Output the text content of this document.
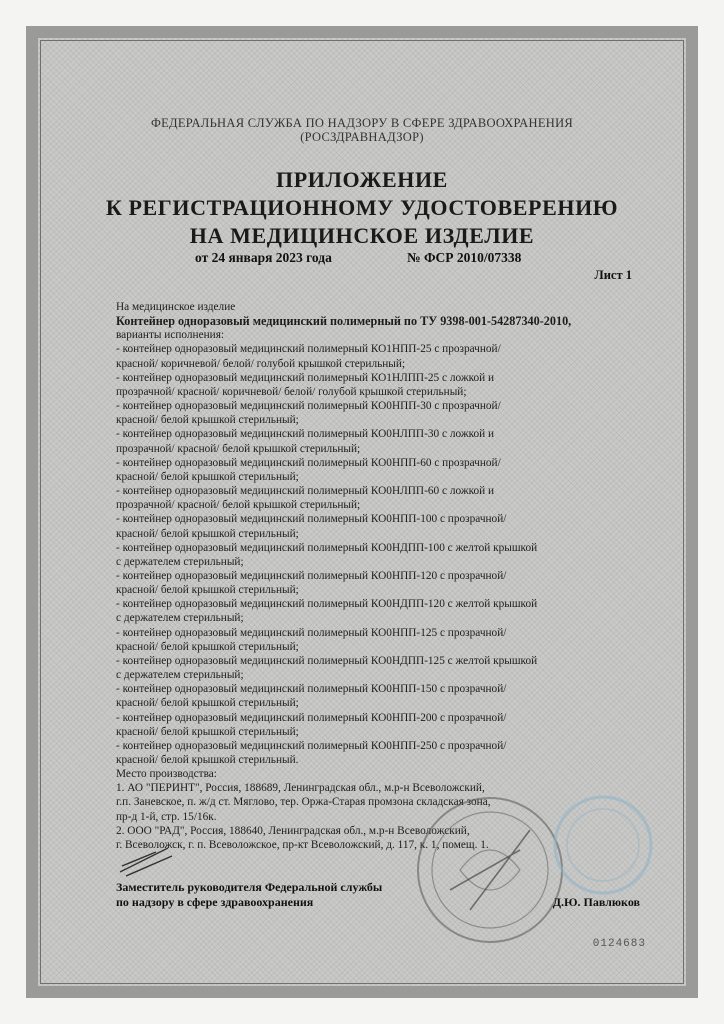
ФЕДЕРАЛЬНАЯ СЛУЖБА ПО НАДЗОРУ В СФЕРЕ ЗДРАВООХРАНЕНИЯ
(РОСЗДРАВНАДЗОР)
ПРИЛОЖЕНИЕ
К РЕГИСТРАЦИОННОМУ УДОСТОВЕРЕНИЮ
НА МЕДИЦИНСКОЕ ИЗДЕЛИЕ
от 24 января 2023 года	№ ФСР 2010/07338
Лист 1
На медицинское изделие
Контейнер одноразовый медицинский полимерный по ТУ 9398-001-54287340-2010,
варианты исполнения:
- контейнер одноразовый медицинский полимерный КО1НПП-25 с прозрачной/
красной/ коричневой/ белой/ голубой крышкой стерильный;
- контейнер одноразовый медицинский полимерный КО1НЛПП-25 с ложкой и
прозрачной/ красной/ коричневой/ белой/ голубой крышкой стерильный;
- контейнер одноразовый медицинский полимерный КО0НПП-30 с прозрачной/
красной/ белой крышкой стерильный;
- контейнер одноразовый медицинский полимерный КО0НЛПП-30 с ложкой и
прозрачной/ красной/ белой крышкой стерильный;
- контейнер одноразовый медицинский полимерный КО0НПП-60 с прозрачной/
красной/ белой крышкой стерильный;
- контейнер одноразовый медицинский полимерный КО0НЛПП-60 с ложкой и
прозрачной/ красной/ белой крышкой стерильный;
- контейнер одноразовый медицинский полимерный КО0НПП-100 с прозрачной/
красной/ белой крышкой стерильный;
- контейнер одноразовый медицинский полимерный КО0НДПП-100 с желтой крышкой
с держателем стерильный;
- контейнер одноразовый медицинский полимерный КО0НПП-120 с прозрачной/
красной/ белой крышкой стерильный;
- контейнер одноразовый медицинский полимерный КО0НДПП-120 с желтой крышкой
с держателем стерильный;
- контейнер одноразовый медицинский полимерный КО0НПП-125 с прозрачной/
красной/ белой крышкой стерильный;
- контейнер одноразовый медицинский полимерный КО0НДПП-125 с желтой крышкой
с держателем стерильный;
- контейнер одноразовый медицинский полимерный КО0НПП-150 с прозрачной/
красной/ белой крышкой стерильный;
- контейнер одноразовый медицинский полимерный КО0НПП-200 с прозрачной/
красной/ белой крышкой стерильный;
- контейнер одноразовый медицинский полимерный КО0НПП-250 с прозрачной/
красной/ белой крышкой стерильный.
Место производства:
1. АО "ПЕРИНТ", Россия, 188689, Ленинградская обл., м.р-н Всеволожский,
г.п. Заневское, п. ж/д ст. Мяглово, тер. Оржа-Старая промзона складская зона,
пр-д 1-й, стр. 15/16к.
2. ООО "РАД", Россия, 188640, Ленинградская обл., м.р-н Всеволожский,
г. Всеволожск, г. п. Всеволожское, пр-кт Всеволожский, д. 117, к. 1, помещ. 1.
Заместитель руководителя Федеральной службы
по надзору в сфере здравоохранения	Д.Ю. Павлюков
0124683
